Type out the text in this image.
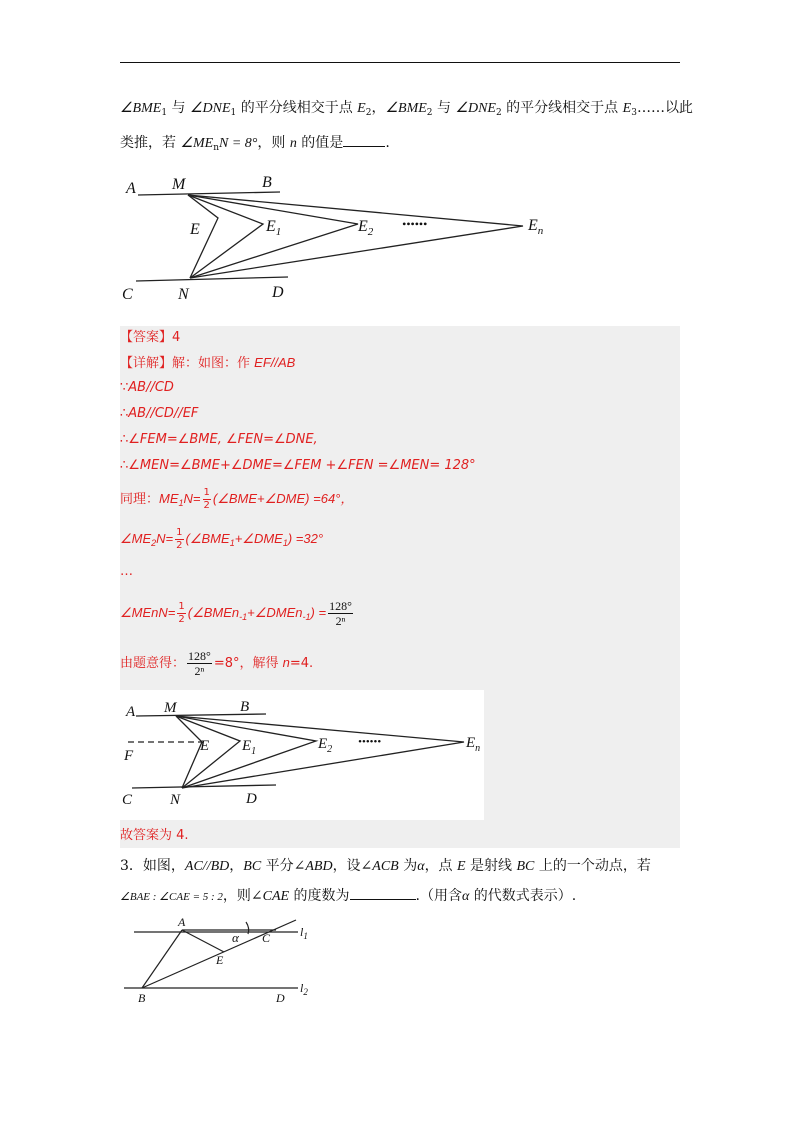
$\angle BME_1$ 与 $\angle DNE_1$ 的平分线相交于点 $E_2$，$\angle BME_2$ 与 $\angle DNE_2$ 的平分线相交于点 $E_3\dots\dots$以此
类推，若 $\angle ME_nN = 8^\circ$，则 n 的值是	.
A M	B
E	$E_1$	$E_2$
••••••	$E_n$
C	N	D
【答案】4
【详解】解：如图：作 EF//AB
∵AB//CD
∴AB//CD//EF
∴∠FEM=∠BME, ∠FEN=∠DNE,
∴∠MEN=∠BME+∠DME=∠FEM +∠FEN =∠MEN= 128°
同理：$ME_1N= \frac{1}{2}$ (∠BME+∠DME) =64°，
$\angle ME_2N= \frac{1}{2}$ $(\angle BME_1+\angle DME_1) =32^\circ$
…
∠MEnN= $\frac{1}{2}$ (∠BMEn$_{-1}$+∠DMEn$_{-1}$) = $\frac{128^\circ}{\text{2ⁿ}}$
由题意得： $\frac{128^\circ}{\text{2ⁿ}} =8^\circ$，解得 n=4.
A M	B
F
E $E_1$	$E_2$
••••••	$E_n$
C	N	D
故答案为 4.
3．如图，AC//BD，BC 平分∠ABD，设∠ACB 为α，点 E 是射线 BC 上的一个动点，若
∠BAE : ∠CAE = 5 : 2，则∠CAE 的度数为	.（用含α 的代数式表示）.
A
α C $l_1$
E
B	D
$l_2$
